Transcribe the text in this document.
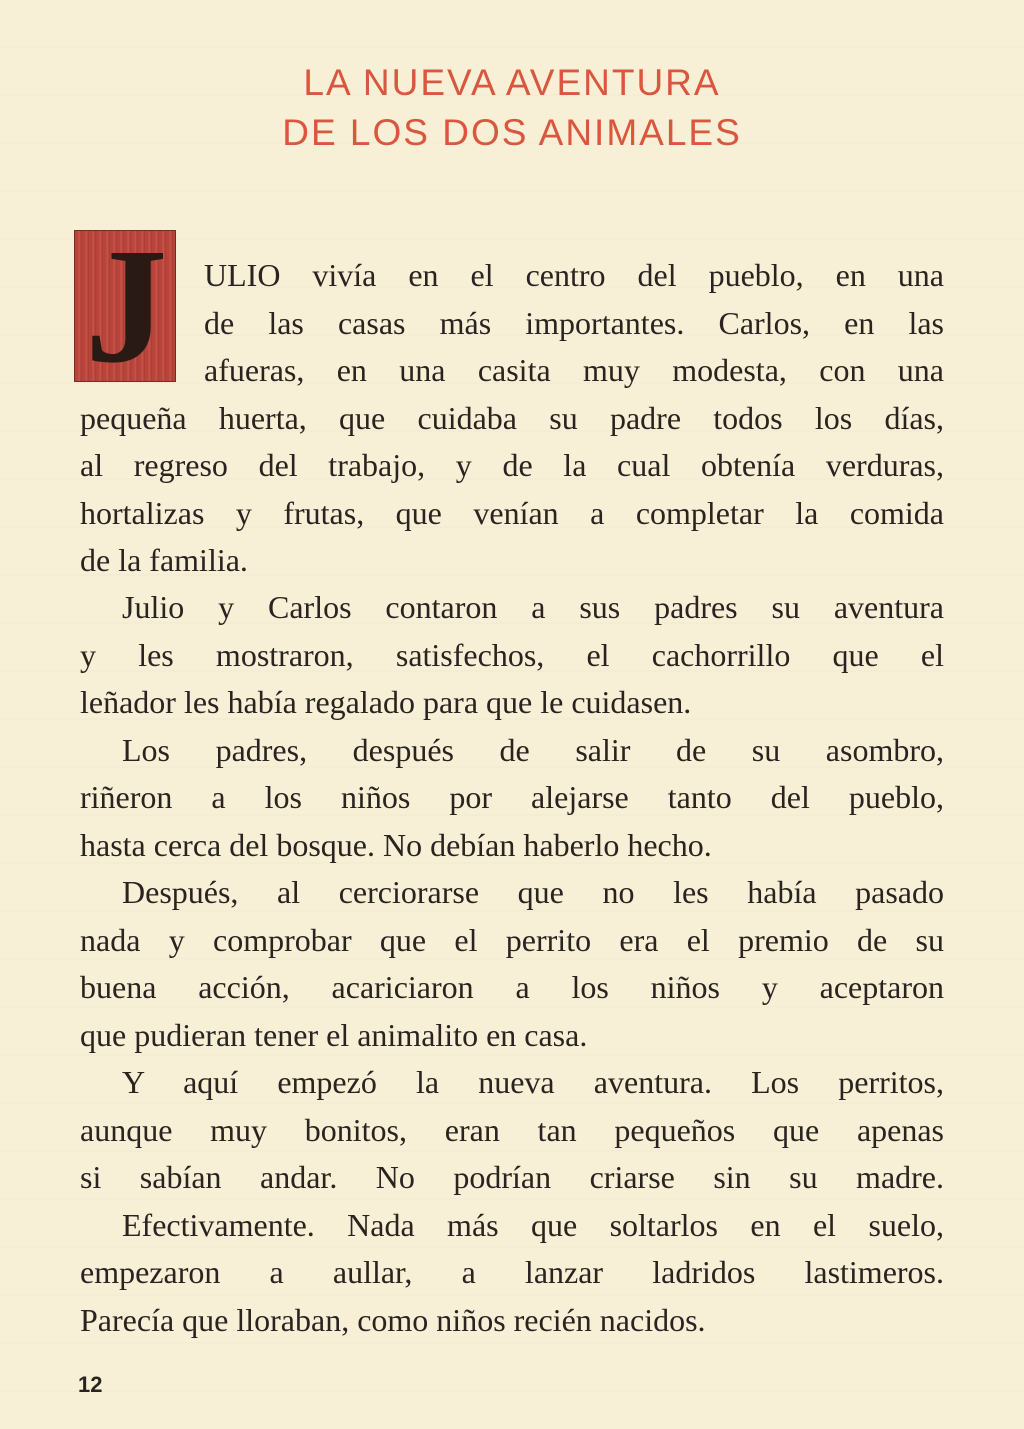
LA NUEVA AVENTURA
DE LOS DOS ANIMALES
J	ULIO vivía en el centro del pueblo, en una
de las casas más importantes. Carlos, en las
afueras, en una casita muy modesta, con una
pequeña huerta, que cuidaba su padre todos los días,
al regreso del trabajo, y de la cual obtenía verduras,
hortalizas y frutas, que venían a completar la comida
de la familia.
Julio y Carlos contaron a sus padres su aventura
y les mostraron, satisfechos, el cachorrillo que el
leñador les había regalado para que le cuidasen.
Los padres, después de salir de su asombro,
riñeron a los niños por alejarse tanto del pueblo,
hasta cerca del bosque. No debían haberlo hecho.
Después, al cerciorarse que no les había pasado
nada y comprobar que el perrito era el premio de su
buena acción, acariciaron a los niños y aceptaron
que pudieran tener el animalito en casa.
Y aquí empezó la nueva aventura. Los perritos,
aunque muy bonitos, eran tan pequeños que apenas
si sabían andar. No podrían criarse sin su madre.
Efectivamente. Nada más que soltarlos en el suelo,
empezaron a aullar, a lanzar ladridos lastimeros.
Parecía que lloraban, como niños recién nacidos.
12
